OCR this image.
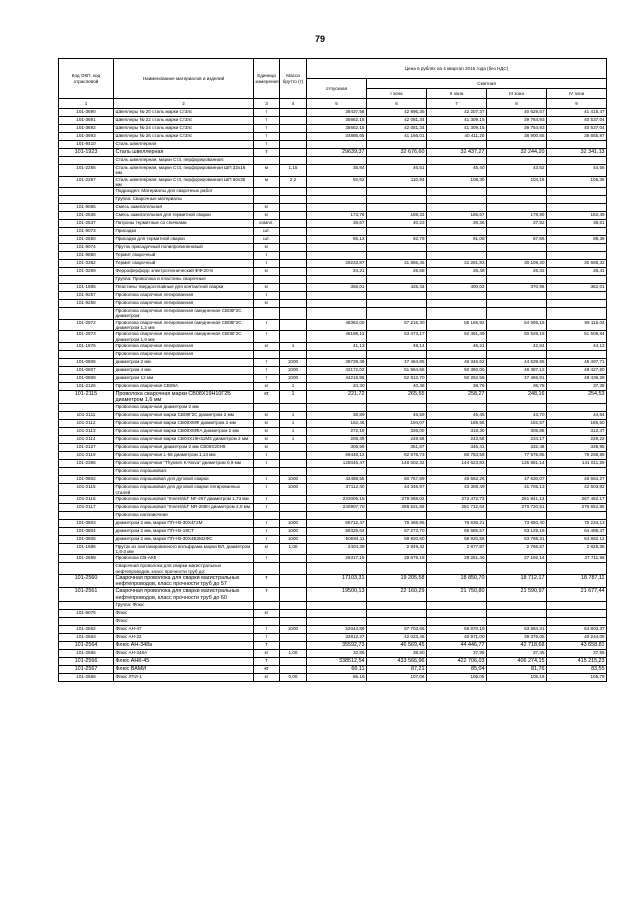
79
Код ОКП, код отраслевой	Наименование материалов и изделий	Единица измерения	Масса брутто (т)	Цена в рублях на 4 квартал 2015 года (без НДС)				
				отпускная	Сметная			
					I зона	II зона	III зона	IV зона
1	2	3	4	5	6	7	8	9
101-3690	Швеллеры № 20 сталь марки Ст3пс	т		36437,58	42 896,35	42 207,37	40 629,57	41 418,47
101-3691	Швеллеры № 22 сталь марки Ст3пс	т		35662,15	42 081,34	41 309,15	39 764,93	40 537,04
101-3692	Швеллеры № 24 сталь марки Ст3пс	т		35662,15	42 081,34	41 309,15	39 764,93	40 537,04
101-3693	Швеллеры № 26 сталь марки Ст3пс	т		34886,65	41 166,01	40 411,20	38 900,55	39 655,87
101-9410	Сталь швеллерная	т						
101-1923	Сталь швеллерная	т		29639,37	32 676,60	32 437,27	32 244,20	32 341,13
	Сталь швеллерная, марки Ст3, перфорированная:							
101-2255	Сталь швеллерная, марки Ст3, перфорированная ШП 32х16 мм	м	1,15	35,84	46,51	45,40	43,52	44,56
101-2257	Сталь швеллерная, марки Ст3, перфорированная ШП 60х35 мм	м	2,2	92,62	110,94	108,30	104,16	106,35
	Подраздел: Материалы для сварочных работ							
	Группа: Сварочные материалы							
101-9065	Смесь зажигательная	кг						
101-2536	Смесь зажигательная для термитной сварки	кг		173,76	189,33	185,67	178,90	182,49
101-2537	Патроны термитные со спичками	компл.		36,67	40,23	39,36	37,82	38,61
101-9073	Присадки	шт.						
101-2550	Присадки для термитной сварки	шт.		85,12	92,78	91,08	87,66	89,36
101-9074	Пруток присадочный полипропиленовый	кг						
101-9880	Термит сварочный	т						
101-3382	Термит сварочный	т		29233,87	31 865,45	31 281,83	30 109,30	30 688,32
101-3269	Ферроферфорр электротехнический ФФ-20-8	кг		24,21	26,68	26,48	26,32	26,41
	Группа: Проволока и пластины сварочные							
101-1885	Пластины твердосплавные для контактной сварки	кг		356,01	425,43	400,03	370,96	382,01
101-9257	Проволока сварочная легированная	т						
101-9258	Проволока сварочная легированная	кг						
	Проволока сварочная легированная омедненная СВ08Г2С диаметром:							
101-2972	Проволока сварочная легированная омедненная СВ08Г2С диаметром 1,2 мм	т		48362,00	57 216,30	55 166,92	54 065,15	55 116,04
101-2973	Проволока сварочная легированная омедненная СВ08Г2С диаметром 1,6 мм	т		45198,13	53 473,17	52 491,49	50 528,16	51 508,84
101-1876	Проволока сварочная легированная	кг	1	41,13	49,14	46,21	42,84	44,13
	Проволока сварочная легированная							
101-0806	диаметром 2 мм	т	1000	39739,49	47 464,85	46 346,62	44 539,95	45 497,71
101-0807	диаметром 4 мм	т	1000	43172,02	51 564,66	50 350,06	48 387,12	49 427,60
101-0808	диаметром 12 мм	т	1000	44216,88	52 812,70	50 252,58	47 466,91	48 436,28
101-2126	Проволока сварочная СВ08А	кг	1	34,30	40,48	38,76	36,78	37,38
101-2115	Проволока сварочная марки СВ08Х19Н10Г2Б диаметром 1,6 мм	кг	1	221,72	265,55	258,27	248,16	254,53
	Проволока сварочная диаметром 2 мм							
101-2111	Проволока сварочная марки СВ08Г2С диаметром 2 мм	кг	1	38,89	46,59	45,45	43,70	44,64
101-2112	Проволока сварочная марки СВ08ХМФ диаметром 2 мм	кг	1	162,46	194,07	189,98	182,57	186,50
101-2113	Проволока сварочная марки СВ08ХМФА диаметром 2 мм	кг	1	272,19	326,00	318,30	305,88	312,47
101-2114	Проволока сварочная марки СВ04Х19Н11М3 диаметром 2 мм	кг	1	208,39	249,58	243,58	234,17	239,22
101-2127	Проволока сварочная диаметром 2 мм СВ08Х20Н9	кг		306,99	351,87	345,41	332,48	338,95
101-2119	Проволока сварочная L-56 диаметром 1,14 мм	т		69448,12	82 676,73	80 783,58	77 575,85	79 268,89
101-2366	Проволока сварочная "Thyssen K-Nova" диаметром 0,9 мм	т		125046,47	148 002,32	144 623,83	135 881,14	141 011,59
	Проволока порошковая:							
101-0802	Проволока порошковая для дуговой сварки	т	1000	42498,55	50 757,89	49 562,26	47 630,07	48 654,27
101-2115	Проволока порошковая для дуговой сварки легированных сталей	т	1000	37112,40	44 346,97	43 308,49	41 705,13	42 603,82
101-2116	Проволока порошковая "Innershld" NF-207 диаметром 1,73 мм	т		233006,15	279 068,02	272 472,73	261 841,13	267 482,17
101-2117	Проволока порошковая "Innershld" NR-208H диаметром 2,0 мм	т		240907,70	288 531,59	281 712,64	270 720,51	276 552,85
	Проволока наплавочная							
101-0803	диаметром 2 мм, марки ПП-Нп-30Х4Г2М	т	1000	65712,47	78 486,96	76 636,21	73 650,40	75 234,13
101-0804	диаметром 2 мм, марки ПП-Нп-19СТ	т	1000	56325,64	67 273,70	65 685,57	63 129,18	64 486,47
101-0805	диаметром 2 мм, марки ПП-Нп-30Х4В2М2ФС	т	1000	50084,11	59 820,50	58 920,58	53 765,31	54 862,12
101-1586	Пруток из лантанированного вольфрама марки ВЛ, диаметром 1,6-3 мм	кг	1,00	2404,39	2 949,42	2 877,87	2 766,57	2 828,36
101-2559	Проволока СВ-АК5	т		26317,15	28 679,18	28 251,46	27 192,14	27 711,96
	Сварочная проволока для сварки магистральных нефтепроводов, класс прочности труб до:							
101-2560	Сварочная проволока для сварки магистральных нефтепроводов, класс прочности труб до 57	т		17103,31	19 205,58	18 850,70	18 712,17	18 787,11
101-2561	Сварочная проволока для сварки магистральных нефтепроводов, класс прочности труб до 60	т		19500,13	22 160,29	21 750,80	21 590,97	21 677,44
	Группа: Флюс							
101-9075	Флюс	кг						
	Флюс:							
101-2562	Флюс АН-47	т	1000	52044,89	57 703,66	56 870,19	53 684,31	54 803,37
101-2563	Флюс АН-22	т		32812,27	42 023,46	40 971,00	39 376,05	40 244,06
101-2564	Флюс АН-348а	т		35592,73	46 569,45	44 446,77	42 718,68	43 658,81
101-2565	Флюс АН-348А	кг	1,00	32,85	38,90	37,98	37,45	37,56
101-2566	Флюс АНК-45	т		338512,54	433 566,96	422 706,03	406 274,15	415 215,23
101-2567	Флюс ВАМИ	кг		66,11	87,21	85,04	81,76	83,55
101-2568	Флюс ЛТИ-1	кг	0,00	86,18	107,06	106,05	105,19	105,79
